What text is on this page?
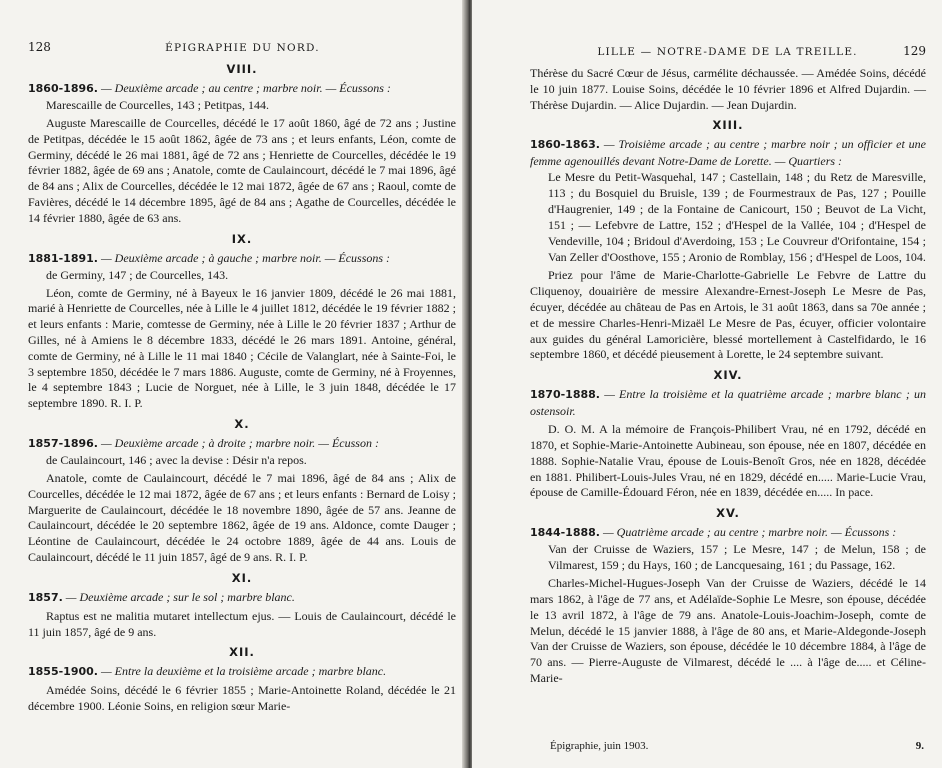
128	ÉPIGRAPHIE DU NORD.
VIII.

1860-1896. — Deuxième arcade ; au centre ; marbre noir. — Écussons :
Marescaille de Courcelles, 143 ; Petitpas, 144.

Auguste Marescaille de Courcelles, décédé le 17 août 1860, âgé de 72 ans ; Justine de Petitpas, décédée le 15 août 1862, âgée de 73 ans ; et leurs enfants, Léon, comte de Germiny, décédé le 26 mai 1881, âgé de 72 ans ; Henriette de Courcelles, décédée le 19 février 1882, âgée de 69 ans ; Anatole, comte de Caulaincourt, décédé le 7 mai 1896, âgé de 84 ans ; Alix de Courcelles, décédée le 12 mai 1872, âgée de 67 ans ; Raoul, comte de Favières, décédé le 14 décembre 1895, âgé de 84 ans ; Agathe de Courcelles, décédée le 14 février 1880, âgée de 63 ans.

IX.

1881-1891. — Deuxième arcade ; à gauche ; marbre noir. — Écussons :
de Germiny, 147 ; de Courcelles, 143.

Léon, comte de Germiny, né à Bayeux le 16 janvier 1809, décédé le 26 mai 1881, marié à Henriette de Courcelles, née à Lille le 4 juillet 1812, décédée le 19 février 1882 ; et leurs enfants : Marie, comtesse de Germiny, née à Lille le 20 février 1837 ; Arthur de Gilles, né à Amiens le 8 décembre 1833, décédé le 26 mars 1891. Antoine, général, comte de Germiny, né à Lille le 11 mai 1840 ; Cécile de Valanglart, née à Sainte-Foi, le 3 septembre 1850, décédée le 7 mars 1886. Auguste, comte de Germiny, né à Froyennes, le 4 septembre 1843 ; Lucie de Norguet, née à Lille, le 3 juin 1848, décédée le 17 septembre 1890. R. I. P.

X.

1857-1896. — Deuxième arcade ; à droite ; marbre noir. — Écusson :
de Caulaincourt, 146 ; avec la devise : Désir n'a repos.

Anatole, comte de Caulaincourt, décédé le 7 mai 1896, âgé de 84 ans ; Alix de Courcelles, décédée le 12 mai 1872, âgée de 67 ans ; et leurs enfants : Bernard de Loisy ; Marguerite de Caulaincourt, décédée le 18 novembre 1890, âgée de 57 ans. Jeanne de Caulaincourt, décédée le 20 septembre 1862, âgée de 19 ans. Aldonce, comte Dauger ; Léontine de Caulaincourt, décédée le 24 octobre 1889, âgée de 44 ans. Louis de Caulaincourt, décédé le 11 juin 1857, âgé de 9 ans. R. I. P.

XI.

1857. — Deuxième arcade ; sur le sol ; marbre blanc.

Raptus est ne malitia mutaret intellectum ejus. — Louis de Caulaincourt, décédé le 11 juin 1857, âgé de 9 ans.

XII.

1855-1900. — Entre la deuxième et la troisième arcade ; marbre blanc.

Amédée Soins, décédé le 6 février 1855 ; Marie-Antoinette Roland, décédée le 21 décembre 1900. Léonie Soins, en religion sœur Marie-

LILLE — NOTRE-DAME DE LA TREILLE.	129

Thérèse du Sacré Cœur de Jésus, carmélite déchaussée. — Amédée Soins, décédé le 10 juin 1877. Louise Soins, décédée le 10 février 1896 et Alfred Dujardin. — Thérèse Dujardin. — Alice Dujardin. — Jean Dujardin.

XIII.

1860-1863. — Troisième arcade ; au centre ; marbre noir ; un officier et une femme agenouillés devant Notre-Dame de Lorette. — Quartiers :
Le Mesre du Petit-Wasquehal, 147 ; Castellain, 148 ; du Retz de Maresville, 113 ; du Bosquiel du Bruisle, 139 ; de Fourmestraux de Pas, 127 ; Pouille d'Haugrenier, 149 ; de la Fontaine de Canicourt, 150 ; Beuvot de La Vicht, 151 ; — Lefebvre de Lattre, 152 ; d'Hespel de la Vallée, 104 ; d'Hespel de Vendeville, 104 ; Bridoul d'Averdoing, 153 ; Le Couvreur d'Orifontaine, 154 ; Van Zeller d'Oosthove, 155 ; Aronio de Romblay, 156 ; d'Hespel de Loos, 104.

Priez pour l'âme de Marie-Charlotte-Gabrielle Le Febvre de Lattre du Cliquenoy, douairière de messire Alexandre-Ernest-Joseph Le Mesre de Pas, écuyer, décédée au château de Pas en Artois, le 31 août 1863, dans sa 70e année ; et de messire Charles-Henri-Mizaël Le Mesre de Pas, écuyer, officier volontaire aux guides du général Lamoricière, blessé mortellement à Castelfidardo, le 16 septembre 1860, et décédé pieusement à Lorette, le 24 septembre suivant.

XIV.

1870-1888. — Entre la troisième et la quatrième arcade ; marbre blanc ; un ostensoir.

D. O. M. A la mémoire de François-Philibert Vrau, né en 1792, décédé en 1870, et Sophie-Marie-Antoinette Aubineau, son épouse, née en 1807, décédée en 1888. Sophie-Natalie Vrau, épouse de Louis-Benoît Gros, née en 1828, décédée en 1881. Philibert-Louis-Jules Vrau, né en 1829, décédé en..... Marie-Lucie Vrau, épouse de Camille-Édouard Féron, née en 1839, décédée en..... In pace.

XV.

1844-1888. — Quatrième arcade ; au centre ; marbre noir. — Écussons :
Van der Cruisse de Waziers, 157 ; Le Mesre, 147 ; de Melun, 158 ; de Vilmarest, 159 ; du Hays, 160 ; de Lancquesaing, 161 ; du Passage, 162.

Charles-Michel-Hugues-Joseph Van der Cruisse de Waziers, décédé le 14 mars 1862, à l'âge de 77 ans, et Adélaïde-Sophie Le Mesre, son épouse, décédée le 13 avril 1872, à l'âge de 79 ans. Anatole-Louis-Joachim-Joseph, comte de Melun, décédé le 15 janvier 1888, à l'âge de 80 ans, et Marie-Aldegonde-Joseph Van der Cruisse de Waziers, son épouse, décédée le 10 décembre 1884, à l'âge de 70 ans. — Pierre-Auguste de Vilmarest, décédé le .... à l'âge de..... et Céline-Marie-

Épigraphie, juin 1903.	9.
